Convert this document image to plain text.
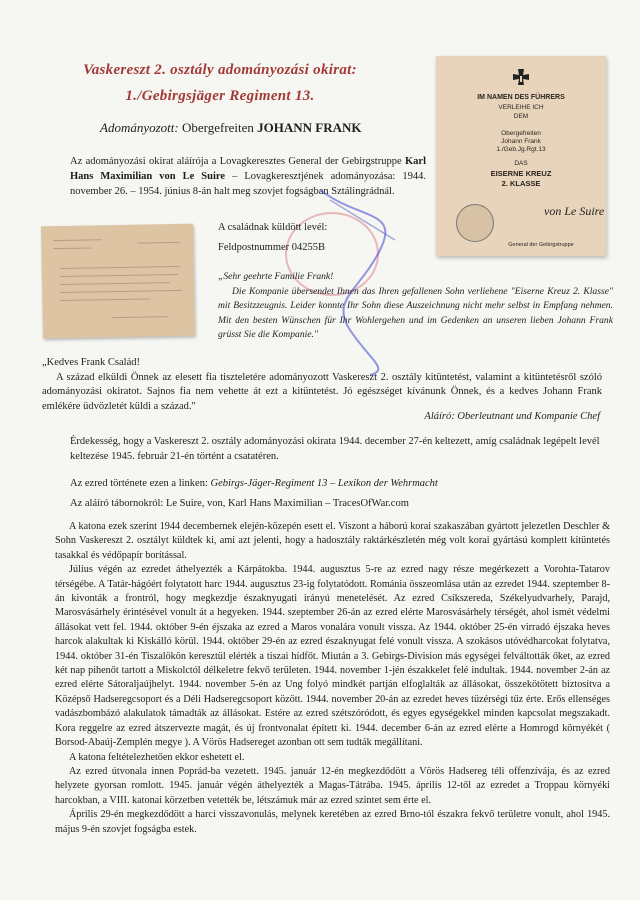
Vaskereszt 2. osztály adományozási okirat:
1./Gebirgsjäger Regiment 13.
Adományozott: Obergefreiten JOHANN FRANK
Az adományozási okirat aláírója a Lovagkeresztes General der Gebirgstruppe Karl Hans Maximilian von Le Suire – Lovagkeresztjének adományozása: 1944. november 26. – 1954. június 8-án halt meg szovjet fogságban Sztálingrádnál.
IM NAMEN DES FÜHRERS
VERLEIHE ICH
DEM
Obergefreiten
Johann Frank
1./Geb.Jg.Rgt.13
DAS
EISERNE KREUZ
2. KLASSE
von Le Suire
General der Gebirgstruppe
A családnak küldött levél:
Feldpostnummer 04255B

„Sehr geehrte Familie Frank!

Die Kompanie übersendet Ihnen das Ihren gefallenen Sohn verliehene "Eiserne Kreuz 2. Klasse" mit Besitzzeugnis. Leider konnte Ihr Sohn diese Auszeichnung nicht mehr selbst in Empfang nehmen. Mit den besten Wünschen für Ihr Wohlergehen und im Gedenken an unseren lieben Johann Frank grüsst Sie die Kompanie."

„Kedves Frank Család!

A század elküldi Önnek az elesett fia tiszteletére adományozott Vaskereszt 2. osztály kitüntetést, valamint a kitüntetésről szóló adományozási okiratot. Sajnos fia nem vehette át ezt a kitüntetést. Jó egészséget kívánunk Önnek, és a kedves Johann Frank emlékére üdvözletét küldi a század."

Aláíró: Oberleutnant und Kompanie Chef
Érdekesség, hogy a Vaskereszt 2. osztály adományozási okirata 1944. december 27-én keltezett, amíg családnak legépelt levél keltezése 1945. február 21-én történt a csatatéren.
Az ezred története ezen a linken: Gebirgs-Jäger-Regiment 13 – Lexikon der Wehrmacht
Az aláíró tábornokról: Le Suire, von, Karl Hans Maximilian – TracesOfWar.com

A katona ezek szerint 1944 decembernek elején-közepén esett el. Viszont a háború korai szakaszában gyártott jelezetlen Deschler & Sohn Vaskereszt 2. osztályt küldtek ki, ami azt jelenti, hogy a hadosztály raktárkészletén még volt korai gyártású komplett kitüntetés tasakkal és védőpapír borítással.

Július végén az ezredet áthelyezték a Kárpátokba. 1944. augusztus 5-re az ezred nagy része megérkezett a Vorohta-Tatarov térségébe. A Tatár-hágóért folytatott harc 1944. augusztus 23-ig folytatódott. Románia összeomlása után az ezredet 1944. szeptember 8-án kivonták a frontról, hogy megkezdje északnyugati irányú menetelését. Az ezred Csíkszereda, Székelyudvarhely, Parajd, Marosvásárhely érintésével vonult át a hegyeken. 1944. szeptember 26-án az ezred elérte Marosvásárhely térségét, ahol ismét védelmi állásokat vett fel. 1944. október 9-én éjszaka az ezred a Maros vonalára vonult vissza. Az 1944. október 25-én virradó éjszaka heves harcok alakultak ki Kiskálló körül. 1944. október 29-én az ezred északnyugat felé vonult vissza. A szokásos utóvédharcokat folytatva, 1944. október 31-én Tiszalökön keresztül elérték a tiszai hídfőt. Miután a 3. Gebirgs-Division más egységei felváltották őket, az ezred két nap pihenőt tartott a Miskolctól délkeletre fekvő területen. 1944. november 1-jén északkelet felé indultak. 1944. november 2-án az ezred elérte Sátoraljaújhelyt. 1944. november 5-én az Ung folyó mindkét partján elfoglalták az állásokat, összekötötett biztosítva a Középső Hadseregcsoport és a Déli Hadseregcsoport között. 1944. november 20-án az ezredet heves tüzérségi tűz érte. Erős ellenséges vadászbombázó alakulatok támadták az állásokat. Estére az ezred szétszóródott, és egyes egységekkel minden kapcsolat megszakadt. Kora reggelre az ezred átszervezte magát, és új frontvonalat épített ki. 1944. december 6-án az ezred elérte a Homrogd környékét ( Borsod-Abaúj-Zemplén megye ). A Vörös Hadsereget azonban ott sem tudták megállítani.

A katona feltételezhetően ekkor eshetett el.

Az ezred útvonala innen Poprád-ba vezetett. 1945. január 12-én megkezdődött a Vörös Hadsereg téli offenzívája, és az ezred helyzete gyorsan romlott. 1945. január végén áthelyezték a Magas-Tátrába. 1945. április 12-től az ezredet a Troppau környéki harcokban, a VIII. katonai körzetben vetették be, létszámuk már az ezred szintet sem érte el.

Április 29-én megkezdődött a harci visszavonulás, melynek keretében az ezred Brno-tól északra fekvő területre vonult, ahol 1945. május 9-én szovjet fogságba estek.
